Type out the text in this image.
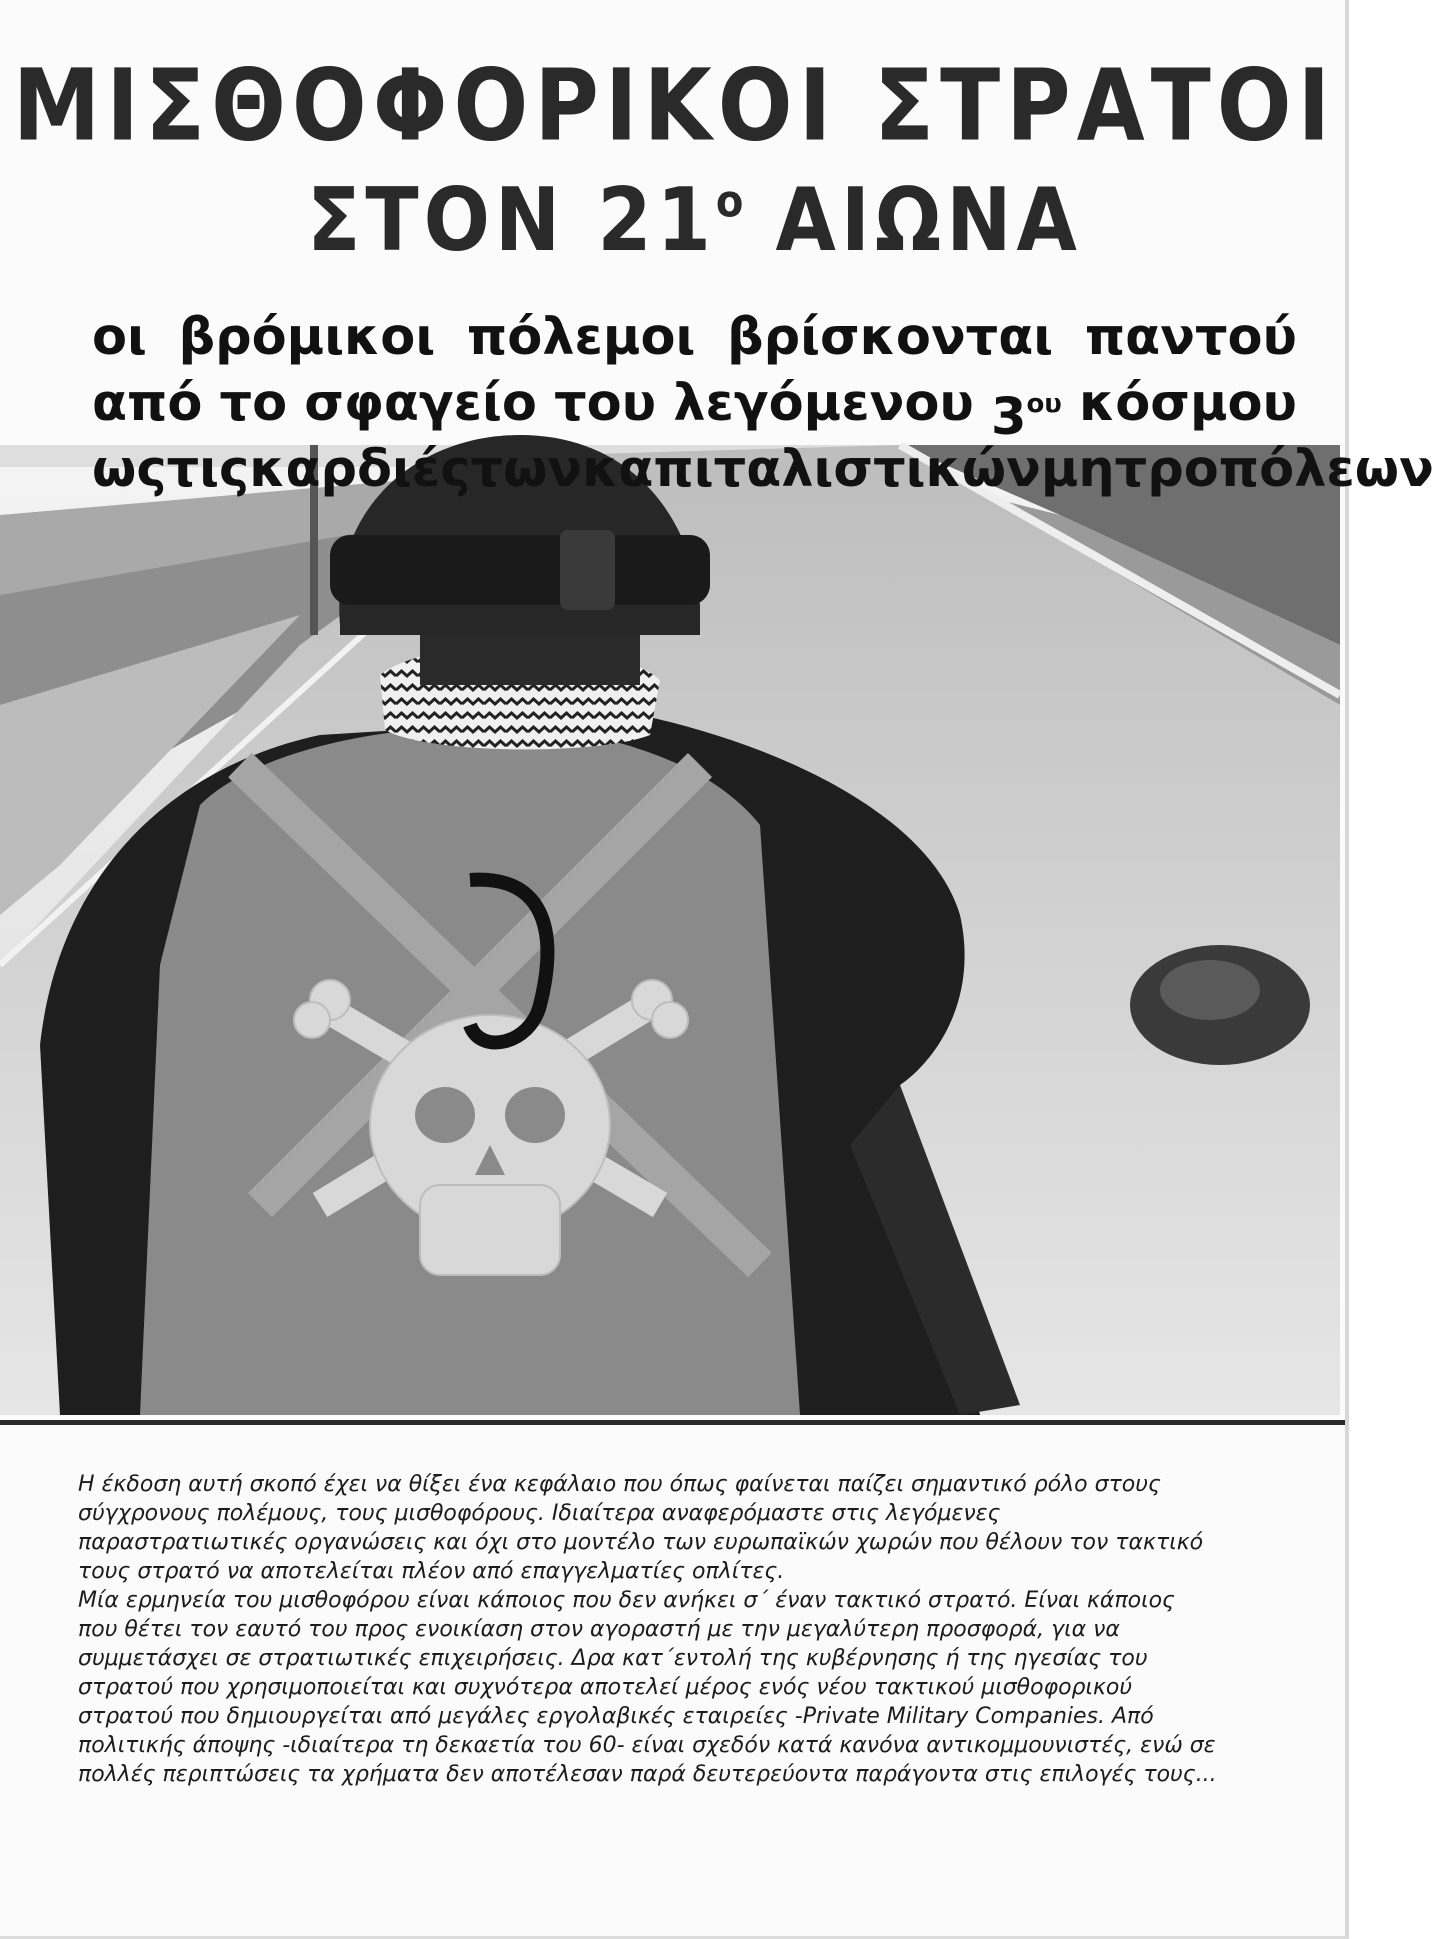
ΜΙΣΘΟΦΟΡΙΚΟΙ ΣΤΡΑΤΟΙ
ΣΤΟΝ $21^o$ ΑΙΩΝΑ
οι βρόμικοι πόλεμοι βρίσκονται παντού
από το σφαγείο του λεγόμενου $3^{o\upsilon}$ κόσμου
ως τις καρδιές των καπιταλιστικών μητροπόλεων
Η έκδοση αυτή σκοπό έχει να θίξει ένα κεφάλαιο που όπως φαίνεται παίζει σημαντικό ρόλο στους
σύγχρονους πολέμους, τους μισθοφόρους. Ιδιαίτερα αναφερόμαστε στις λεγόμενες
παραστρατιωτικές οργανώσεις και όχι στο μοντέλο των ευρωπαϊκών χωρών που θέλουν τον τακτικό
τους στρατό να αποτελείται πλέον από επαγγελματίες οπλίτες.
Μία ερμηνεία του μισθοφόρου είναι κάποιος που δεν ανήκει σ΄ έναν τακτικό στρατό. Είναι κάποιος
που θέτει τον εαυτό του προς ενοικίαση στον αγοραστή με την μεγαλύτερη προσφορά, για να
συμμετάσχει σε στρατιωτικές επιχειρήσεις. Δρα κατ΄εντολή της κυβέρνησης ή της ηγεσίας του
στρατού που χρησιμοποιείται και συχνότερα αποτελεί μέρος ενός νέου τακτικού μισθοφορικού
στρατού που δημιουργείται από μεγάλες εργολαβικές εταιρείες -Private Military Companies. Από
πολιτικής άποψης -ιδιαίτερα τη δεκαετία του 60- είναι σχεδόν κατά κανόνα αντικομμουνιστές, ενώ σε
πολλές περιπτώσεις τα χρήματα δεν αποτέλεσαν παρά δευτερεύοντα παράγοντα στις επιλογές τους...
